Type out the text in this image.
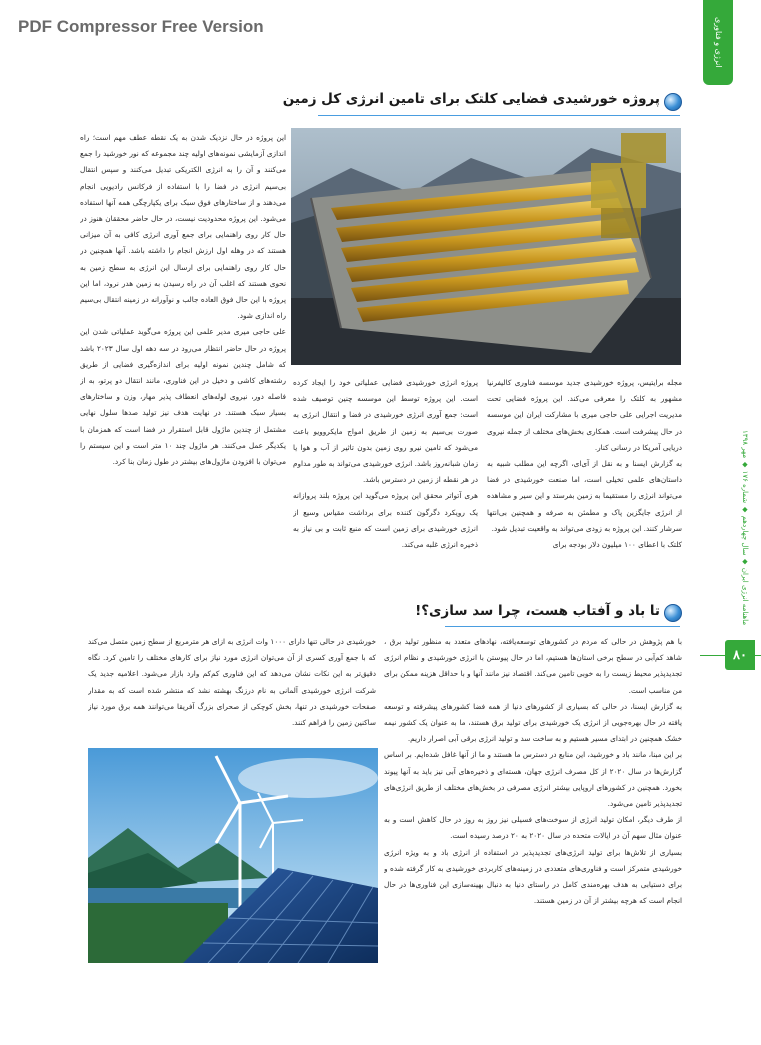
PDF Compressor Free Version	انرژی و فناوری
ماهنامه انرژی ایران ◆ سال چهاردهم ◆ شماره ۱۷۶ ◆ مهر ۱۳۹۸
۸۰
پروژه خورشیدی فضایی کلتک برای تامین انرژی کل زمین

این پروژه در حال نزدیک شدن به یک نقطه عطف مهم است؛ راه اندازی آزمایشی نمونه‌های اولیه چند مجموعه که نور خورشید را جمع می‌کنند و آن را به انرژی الکتریکی تبدیل می‌کنند و سپس انتقال بی‌سیم انرژی در فضا را با استفاده از فرکانس رادیویی انجام می‌دهند و از ساختارهای فوق سبک برای یکپارچگی همه آنها استفاده می‌شود. این پروژه محدودیت نیست، در حال حاضر محققان هنوز در حال کار روی راهنمایی برای جمع آوری انرژی کافی به آن میزانی هستند که در وهله اول ارزش انجام را داشته باشد. آنها همچنین در حال کار روی راهنمایی برای ارسال این انرژی به سطح زمین به نحوی هستند که اغلب آن در راه رسیدن به زمین هدر نرود، اما این پروژه با این حال فوق العاده جالب و نوآورانه در زمینه انتقال بی‌سیم راه اندازی شود.

علی حاجی میری مدیر علمی این پروژه می‌گوید عملیاتی شدن این پروژه در حال حاضر انتظار می‌رود در سه دهه اول سال ۲۰۲۳ باشد که شامل چندین نمونه اولیه برای اندازه‌گیری فضایی از طریق رشته‌های کاشی و دخیل در این فناوری، مانند انتقال دو پرتو، به از فاصله دور، نیروی لوله‌های انعطاف پذیر مهار، وزن و ساختارهای بسیار سبک هستند. در نهایت هدف نیز تولید صدها سلول نهایی مشتمل از چندین ماژول قابل استقرار در فضا است که همزمان با یکدیگر عمل می‌کنند. هر ماژول چند ۱۰ متر است و این سیستم را می‌توان با افزودن ماژول‌های بیشتر در طول زمان بنا کرد.

پروژه انرژی خورشیدی فضایی عملیاتی خود را ایجاد کرده است. این پروژه توسط این موسسه چنین توصیف شده است: جمع آوری انرژی خورشیدی در فضا و انتقال انرژی به صورت بی‌سیم به زمین از طریق امواج مایکروویو باعث می‌شود که تامین نیرو روی زمین بدون تاثیر از آب و هوا یا زمان شبانه‌روز باشد. انرژی خورشیدی می‌تواند به طور مداوم در هر نقطه از زمین در دسترس باشد.

هری آتواتر محقق این پروژه می‌گوید این پروژه بلند پروازانه یک رویکرد دگرگون کننده برای برداشت مقیاس وسیع از انرژی خورشیدی برای زمین است که منبع ثابت و بی نیاز به ذخیره انرژی غلبه می‌کند.

مجله برایتیس، پروژه خورشیدی جدید موسسه فناوری کالیفرنیا مشهور به کلتک را معرفی می‌کند. این پروژه فضایی تحت مدیریت اجرایی علی حاجی میری با مشارکت ایران این موسسه در حال پیشرفت است. همکاری بخش‌های مختلف از جمله نیروی دریایی آمریکا در رسانی کنار.

به گزارش ایسنا و به نقل از آی‌ای، اگرچه این مطلب شبیه به داستان‌های علمی تخیلی است، اما صنعت خورشیدی در فضا می‌تواند انرژی را مستقیما به زمین بفرستد و این سیر و مشاهده از انرژی جایگزین پاک و مطمئن به صرفه و همچنین بی‌انتها سرشار کنند. این پروژه به زودی می‌تواند به واقعیت تبدیل شود.

کلتک با اعطای ۱۰۰ میلیون دلار بودجه برای

تا باد و آفتاب هست، چرا سد سازی؟!

خورشیدی در حالی تنها دارای ۱۰۰۰ وات انرژی به ازای هر مترمربع از سطح زمین متصل می‌کند که با جمع آوری کسری از آن می‌توان انرژی مورد نیاز برای کارهای مختلف را تامین کرد. نگاه دقیق‌تر به این نکات نشان می‌دهد که این فناوری کم‌کم وارد بازار می‌شود. اعلامیه جدید یک شرکت انرژی خورشیدی آلمانی به نام درزنگ بهشته نشد که منتشر شده است که به مقدار صفحات خورشیدی در تنها، بخش کوچکی از صحرای بزرگ آفریقا می‌توانند همه برق مورد نیاز ساکنین زمین را فراهم کنند.

با هم پژوهش در حالی که مردم در کشورهای توسعه‌یافته، نهادهای متعدد به منظور تولید برق ، شاهد کم‌آبی در سطح برخی استان‌ها هستیم، اما در حال پیوستن با انرژی خورشیدی و نظام انرژی تجدیدپذیر محیط زیست را به خوبی تامین می‌کند. اقتصاد نیز مانند آنها و با حداقل هزینه ممکن برای من مناسب است.

به گزارش ایسنا، در حالی که بسیاری از کشورهای دنیا از همه فضا کشورهای پیشرفته و توسعه یافته در حال بهره‌جویی از انرژی یک خورشیدی برای تولید برق هستند، ما به عنوان یک کشور نیمه خشک همچنین در ابتدای مسیر هستیم و به ساخت سد و تولید انرژی برقی آبی اصرار داریم.

بر این مبنا، مانند باد و خورشید، این منابع در دسترس ما هستند و ما از آنها غافل شده‌ایم. بر اساس گزارش‌ها در سال ۲۰۲۰ از کل مصرف انرژی جهان، هسته‌ای و ذخیره‌های آبی نیز باید به آنها پیوند بخورد. همچنین در کشورهای اروپایی بیشتر انرژی مصرفی در بخش‌های مختلف از طریق انرژی‌های تجدیدپذیر تامین می‌شود.

از طرف دیگر، امکان تولید انرژی از سوخت‌های فسیلی نیز روز به روز در حال کاهش است و به عنوان مثال سهم آن در ایالات متحده در سال ۲۰۲۰ به ۲۰ درصد رسیده است.

بسیاری از تلاش‌ها برای تولید انرژی‌های تجدیدپذیر در استفاده از انرژی باد و به ویژه انرژی خورشیدی متمرکز است و فناوری‌های متعددی در زمینه‌های کاربردی خورشیدی به کار گرفته شده و برای دستیابی به هدف بهره‌مندی کامل در راستای دنیا به دنبال بهینه‌سازی این فناوری‌ها در حال انجام است که هرچه بیشتر از آن در زمین هستند.
